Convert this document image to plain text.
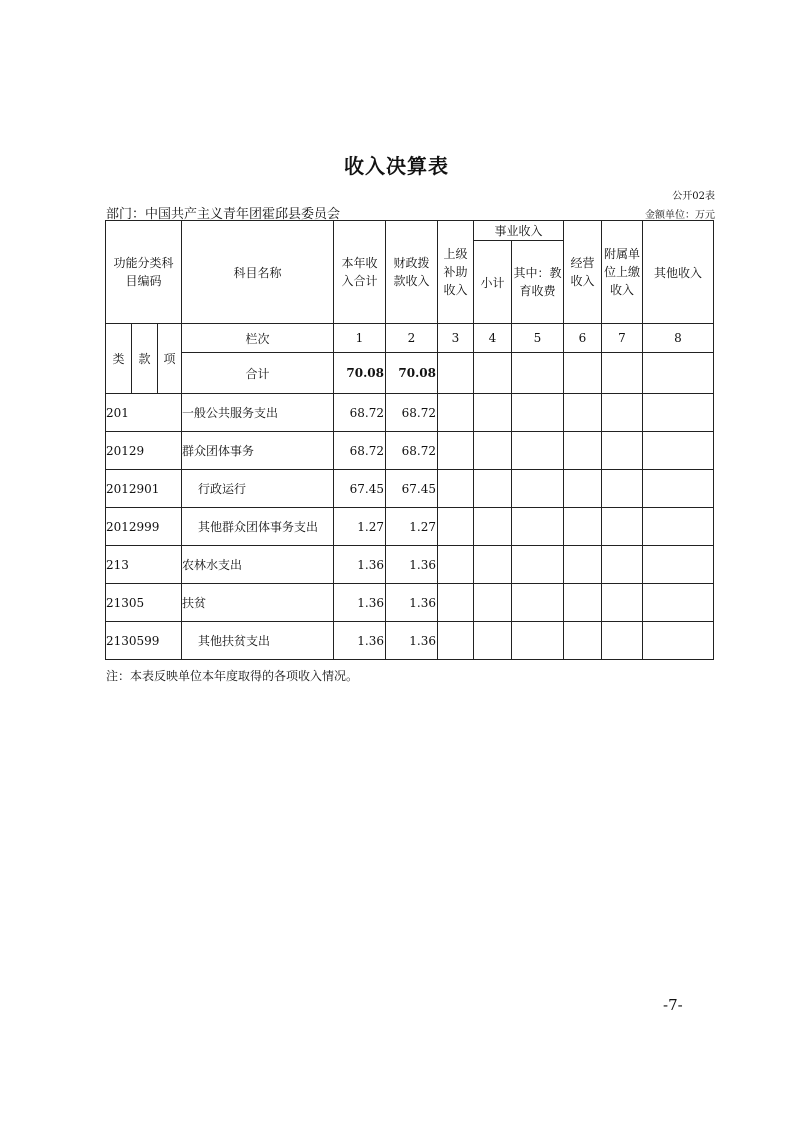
收入决算表
公开02表
部门：中国共产主义青年团霍邱县委员会	金额单位：万元
功能分类科目编码			科目名称	本年收入合计	财政拨款收入	上级补助收入	事业收入		经营收入	附属单位上缴收入	其他收入
							小计	其中：教育收费			

类	款	项	栏次	1	2	3	4	5	6	7	8
			合计	70.08	70.08						
201			一般公共服务支出	68.72	68.72						
20129			群众团体事务	68.72	68.72						
2012901			行政运行	67.45	67.45						
2012999			其他群众团体事务支出	1.27	1.27						
213			农林水支出	1.36	1.36						
21305			扶贫	1.36	1.36						
2130599			其他扶贫支出	1.36	1.36						
注：本表反映单位本年度取得的各项收入情况。
-7-
